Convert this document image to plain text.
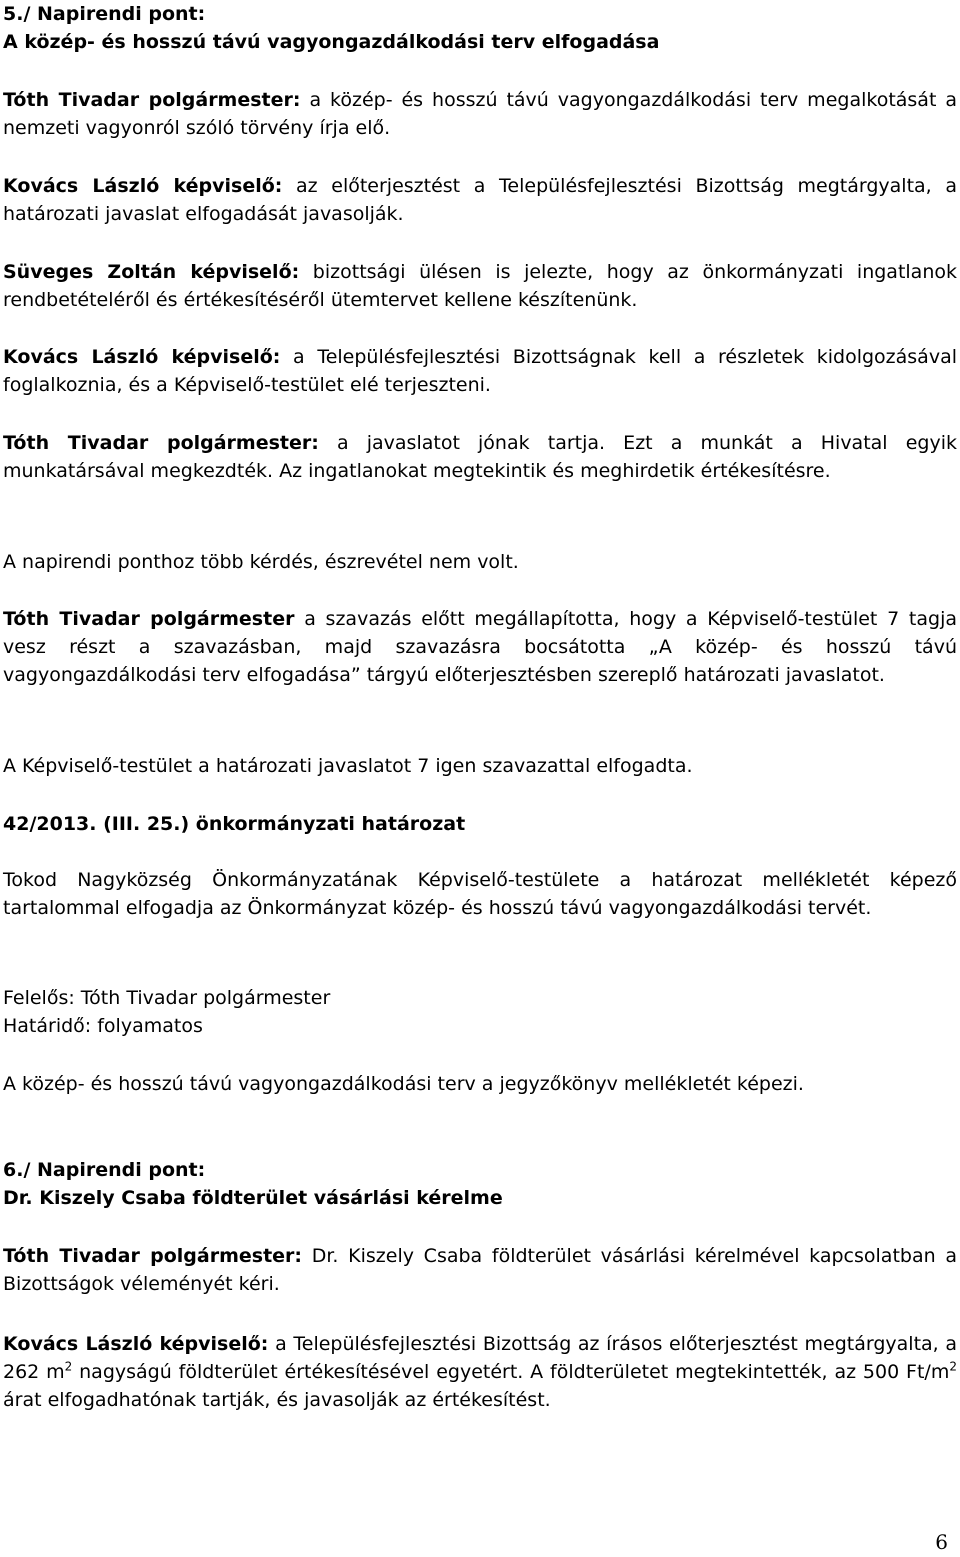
5./ Napirendi pont:
A közép- és hosszú távú vagyongazdálkodási terv elfogadása

Tóth Tivadar polgármester: a közép- és hosszú távú vagyongazdálkodási terv megalkotását a nemzeti vagyonról szóló törvény írja elő.

Kovács László képviselő: az előterjesztést a Településfejlesztési Bizottság megtárgyalta, a határozati javaslat elfogadását javasolják.

Süveges Zoltán képviselő: bizottsági ülésen is jelezte, hogy az önkormányzati ingatlanok rendbetételéről és értékesítéséről ütemtervet kellene készítenünk.

Kovács László képviselő: a Településfejlesztési Bizottságnak kell a részletek kidolgozásával foglalkoznia, és a Képviselő-testület elé terjeszteni.

Tóth Tivadar polgármester: a javaslatot jónak tartja. Ezt a munkát a Hivatal egyik munkatársával megkezdték. Az ingatlanokat megtekintik és meghirdetik értékesítésre.

A napirendi ponthoz több kérdés, észrevétel nem volt.

Tóth Tivadar polgármester a szavazás előtt megállapította, hogy a Képviselő-testület 7 tagja vesz részt a szavazásban, majd szavazásra bocsátotta „A közép- és hosszú távú vagyongazdálkodási terv elfogadása” tárgyú előterjesztésben szereplő határozati javaslatot.

A Képviselő-testület a határozati javaslatot 7 igen szavazattal elfogadta.

42/2013. (III. 25.) önkormányzati határozat

Tokod Nagyközség Önkormányzatának Képviselő-testülete a határozat mellékletét képező tartalommal elfogadja az Önkormányzat közép- és hosszú távú vagyongazdálkodási tervét.

Felelős: Tóth Tivadar polgármester
Határidő: folyamatos

A közép- és hosszú távú vagyongazdálkodási terv a jegyzőkönyv mellékletét képezi.

6./ Napirendi pont:
Dr. Kiszely Csaba földterület vásárlási kérelme

Tóth Tivadar polgármester: Dr. Kiszely Csaba földterület vásárlási kérelmével kapcsolatban a Bizottságok véleményét kéri.

Kovács László képviselő: a Településfejlesztési Bizottság az írásos előterjesztést megtárgyalta, a 262 $m^2$ nagyságú földterület értékesítésével egyetért. A földterületet megtekintették, az 500 $Ft/m^2$ árat elfogadhatónak tartják, és javasolják az értékesítést.

6
